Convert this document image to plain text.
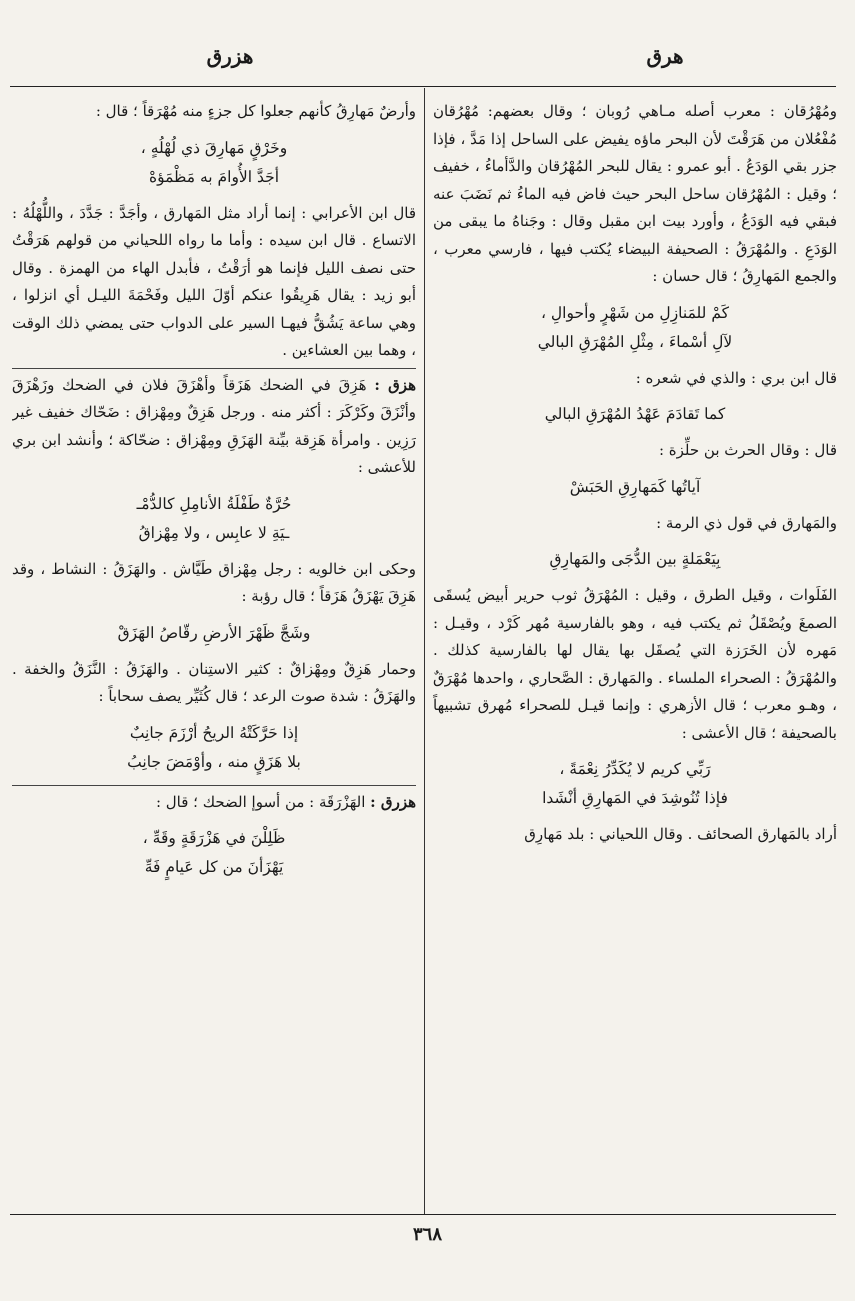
هرق
هزرق

ومُهْرُقان : معرب أصله مـاهي رُوبان ؛ وقال بعضهم: مُهْرُقان مُفْعُلان من هَرَقْتَ لأن البحر ماؤه يفيض على الساحل إذا مَدَّ ، فإذا جزر بقي الوَدَعُ . أبو عمرو : يقال للبحر المُهْرُقان والدَّأماءُ ، خفيف ؛ وقيل : المُهْرُقان ساحل البحر حيث فاض فيه الماءُ ثم نَضَبَ عنه فبقي فيه الوَدَعُ ، وأورد بيت ابن مقبل وقال : وجَناهُ ما يبقى من الوَدَعِ . والمُهْرَقُ : الصحيفة البيضاء يُكتب فيها ، فارسي معرب ، والجمع المَهارِقُ ؛ قال حسان :

كَمْ للمَنازِلِ من شَهْرٍ وأحوالِ ،
لآلِ أسْماءَ ، مِثْلِ المُهْرَقِ البالي

قال ابن بري : والذي في شعره :

كما تَقادَمَ عَهْدُ المُهْرَقِ البالي

قال : وقال الحرث بن حلِّزة :

آياتُها كَمَهارِقِ الحَبَشْ

والمَهارق في قول ذي الرمة :

بِيَعْمَلةٍ بين الدُّجَى والمَهارِقِ

الفَلَوات ، وقيل الطرق ، وقيل : المُهْرَقُ ثوب حرير أبيض يُسقَى الصمغَ ويُصْقَلُ ثم يكتب فيه ، وهو بالفارسية مُهر كَرْد ، وقيـل : مَهره لأن الخَرَزة التي يُصقَل بها يقال لها بالفارسية كذلك . والمُهْرَقُ : الصحراء الملساء . والمَهارق : الصَّحاري ، واحدها مُهْرَقٌ ، وهـو معرب ؛ قال الأزهري : وإنما قيـل للصحراء مُهرق تشبيهاً بالصحيفة ؛ قال الأعشى :

رَبِّي كريم لا يُكَدِّرُ نِعْمَةً ،
فإذا تُنُوشِدَ في المَهارِقِ أنْشَدا

أراد بالمَهارق الصحائف . وقال اللحياني : بلد مَهارِق

وأرضٌ مَهارِقُ كأنهم جعلوا كل جزءٍ منه مُهْرَقاً ؛ قال :

وخَرْقٍ مَهارِقَ ذي لُهْلُهٍ ،
أجَدَّ الأُوامَ به مَظْمَؤهْ

قال ابن الأعرابي : إنما أراد مثل المَهارق ، وأجَدَّ : جَدَّدَ ، واللُّهْلُهُ : الاتساع . قال ابن سيده : وأما ما رواه اللحياني من قولهم هَرَقْتُ حتى نصف الليل فإنما هو أرَقْتُ ، فأبدل الهاء من الهمزة . وقال أبو زيد : يقال هَرِيقُوا عنكم أوّلَ الليل وفَحْمَةَ الليـل أي انزلوا ، وهي ساعة يَشُقُّ فيهـا السير على الدواب حتى يمضي ذلك الوقت ، وهما بين العشاءين .

هزق : هَزِقَ في الضحك هَزَقاً وأهْزَقَ فلان في الضحك وزَهْزَقَ وأنْزَقَ وكَرْكَرَ : أكثر منه . ورجل هَزِقٌ ومِهْزاق : ضَحّاك خفيف غير رَزِين . وامرأة هَزِقة بيِّنة الهَزَقِ ومِهْزاق : ضحّاكة ؛ وأنشد ابن بري للأعشى :

حُرَّةٌ طَفْلَةُ الأنامِلِ كالدُّمْـ
ـيَةِ لا عابِس ، ولا مِهْزاقُ

وحكى ابن خالويه : رجل مِهْزاق طَيَّاش . والهَزَقُ : النشاط ، وقد هَزِقَ يَهْزَقُ هَزَقاً ؛ قال رؤبة :

وشَجَّ ظَهْرَ الأرضِ رقّاصُ الهَزَقْ

وحمار هَزِقٌ ومِهْزاقٌ : كثير الاستِنان . والهَزَقُ : النَّزَقُ والخفة . والهَزَقُ : شدة صوت الرعد ؛ قال كُثَيِّر يصف سحاباً :

إذا حَرَّكَتْهُ الريحُ أرْزَمَ جانِبٌ
بلا هَزَقٍ منه ، وأوْمَضَ جانِبُ

هزرق : الهَزْرَقَة : من أسوإ الضحك ؛ قال :

ظَلِلْنَ في هَزْرَقَةٍ وقَهِّ ،
يَهْزَأنَ من كل عَيامٍ فَهِّ
٣٦٨
